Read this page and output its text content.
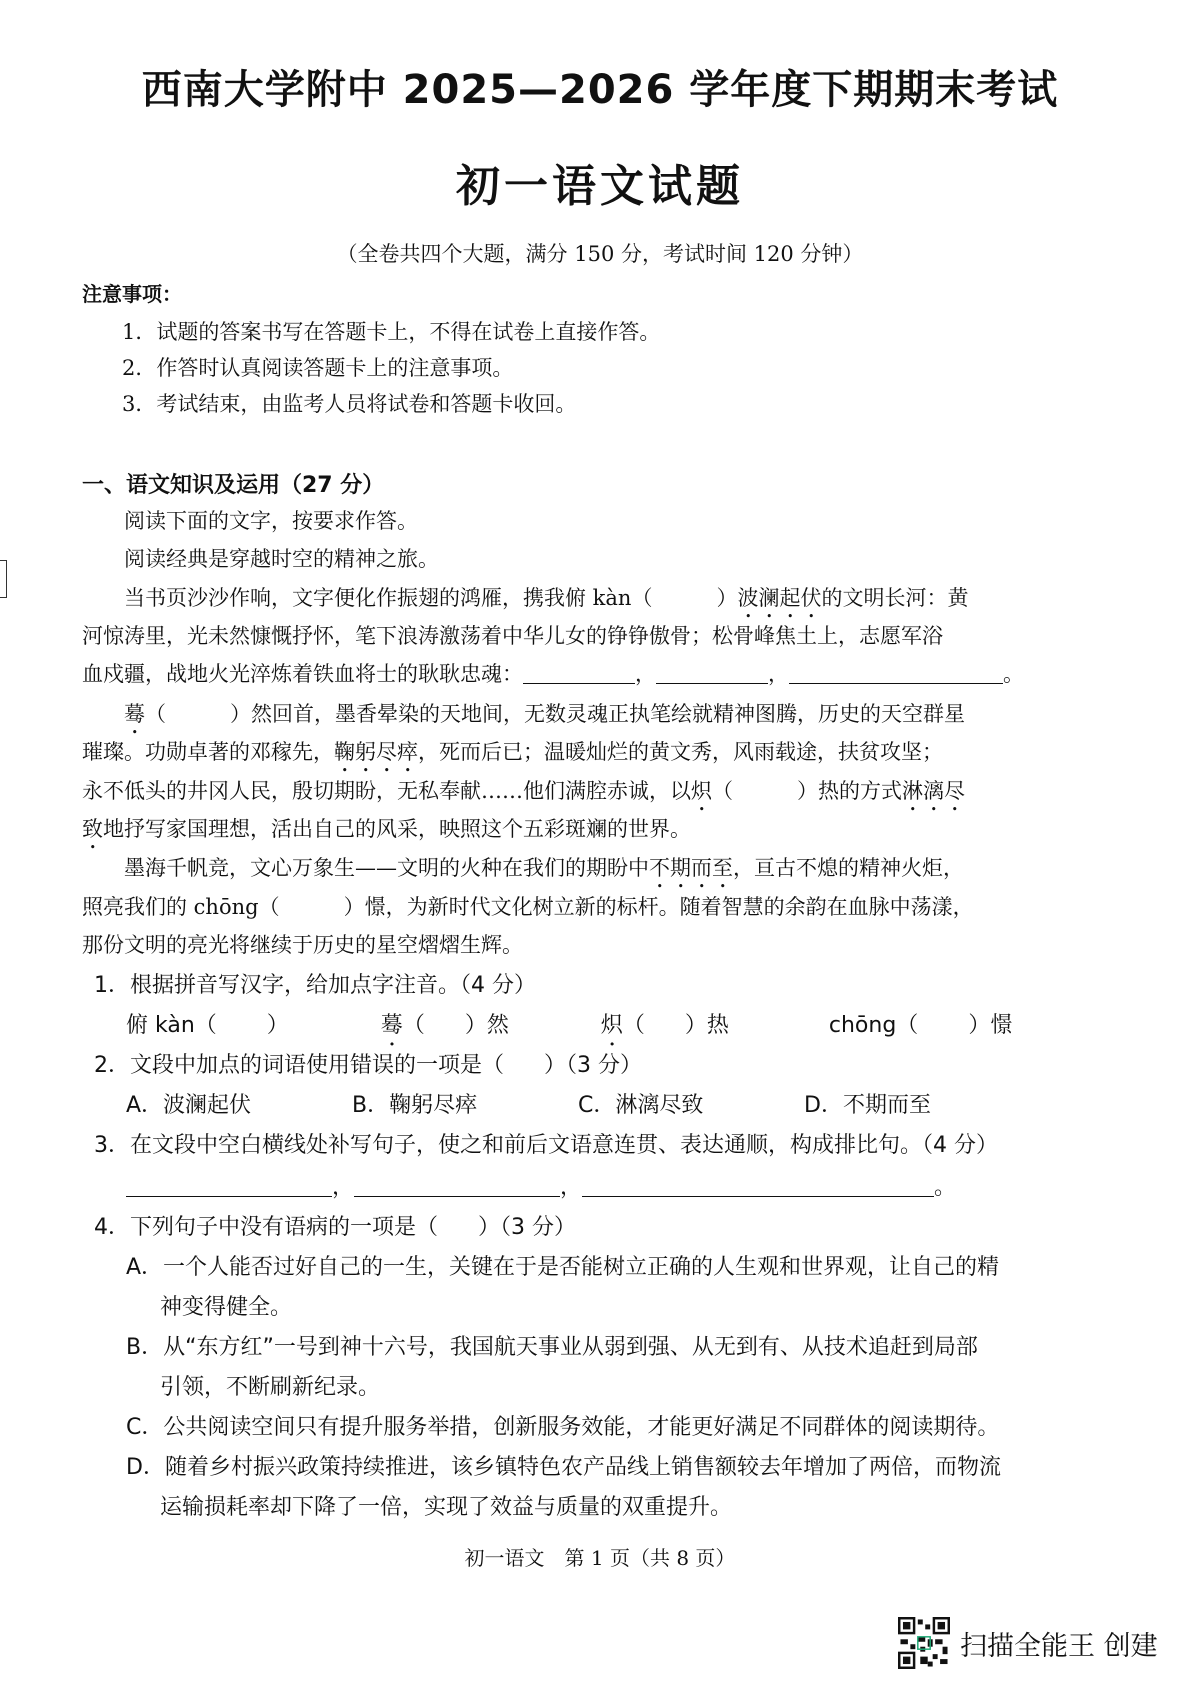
西南大学附中 2025—2026 学年度下期期末考试
初一语文试题
（全卷共四个大题，满分 150 分，考试时间 120 分钟）
注意事项：
1．试题的答案书写在答题卡上，不得在试卷上直接作答。
2．作答时认真阅读答题卡上的注意事项。
3．考试结束，由监考人员将试卷和答题卡收回。
一、语文知识及运用（27 分）
阅读下面的文字，按要求作答。
阅读经典是穿越时空的精神之旅。
当书页沙沙作响，文字便化作振翅的鸿雁，携我俯 kàn（	）波澜起伏的文明长河：黄
河惊涛里，光未然慷慨抒怀，笔下浪涛激荡着中华儿女的铮铮傲骨；松骨峰焦土上，志愿军浴
血戍疆，战地火光淬炼着铁血将士的耿耿忠魂：	，	，	。
蓦（	）然回首，墨香晕染的天地间，无数灵魂正执笔绘就精神图腾，历史的天空群星
璀璨。功勋卓著的邓稼先，鞠躬尽瘁，死而后已；温暖灿烂的黄文秀，风雨载途，扶贫攻坚；
永不低头的井冈人民，殷切期盼，无私奉献……他们满腔赤诚，以炽（	）热的方式淋漓尽
致地抒写家国理想，活出自己的风采，映照这个五彩斑斓的世界。
墨海千帆竞，文心万象生——文明的火种在我们的期盼中不期而至，亘古不熄的精神火炬，
照亮我们的 chōng（	）憬，为新时代文化树立新的标杆。随着智慧的余韵在血脉中荡漾，
那份文明的亮光将继续于历史的星空熠熠生辉。
1．根据拼音写汉字，给加点字注音。（4 分）
俯 kàn（ ）	蓦（ ）然	炽（ ）热	chōng（ ）憬
2．文段中加点的词语使用错误的一项是（ ）（3 分）
A．波澜起伏	B．鞠躬尽瘁	C．淋漓尽致	D．不期而至
3．在文段中空白横线处补写句子，使之和前后文语意连贯、表达通顺，构成排比句。（4 分）
，	，	。
4．下列句子中没有语病的一项是（ ）（3 分）
A．一个人能否过好自己的一生，关键在于是否能树立正确的人生观和世界观，让自己的精
神变得健全。
B．从“东方红”一号到神十六号，我国航天事业从弱到强、从无到有、从技术追赶到局部
引领，不断刷新纪录。
C．公共阅读空间只有提升服务举措，创新服务效能，才能更好满足不同群体的阅读期待。
D．随着乡村振兴政策持续推进，该乡镇特色农产品线上销售额较去年增加了两倍，而物流
运输损耗率却下降了一倍，实现了效益与质量的双重提升。
初一语文　第 1 页（共 8 页）
扫描全能王 创建
